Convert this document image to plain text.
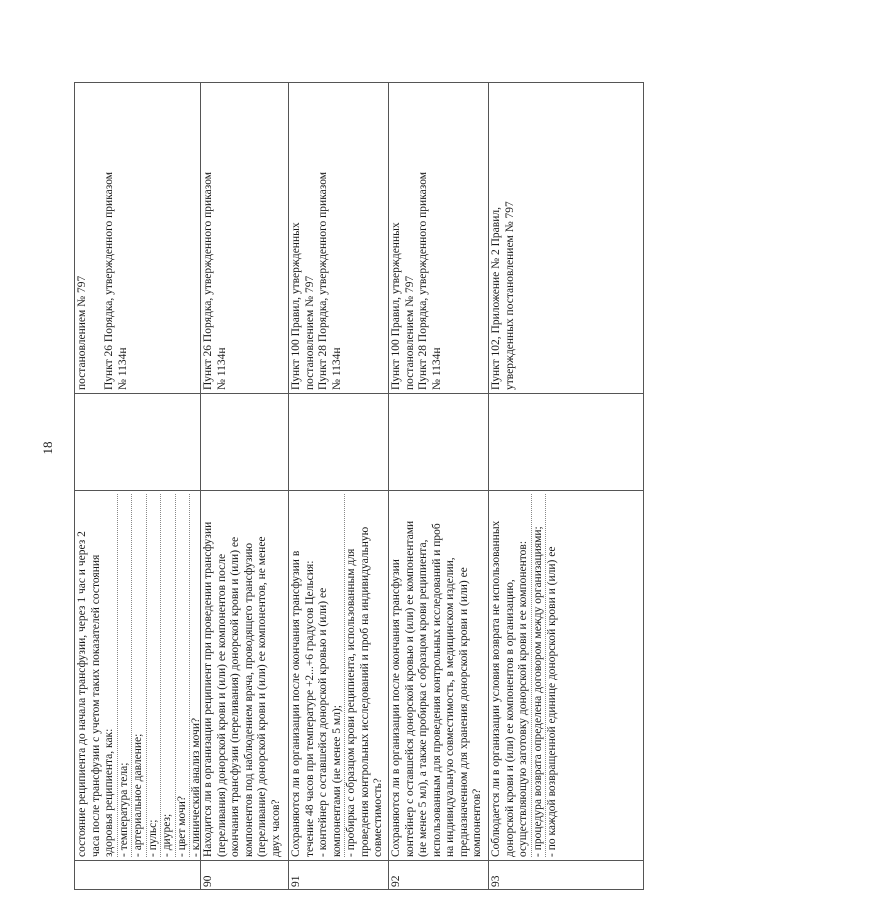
18
состояние реципиента до начала трансфузии, через 1 час и через 2 часа после трансфузии с учетом таких показателей состояния здоровья реципиента, как: - температура тела; - артериальное давление; - пульс; - диурез; - цвет мочи? - клинический анализ мочи?
постановлением № 797
Пункт 26 Порядка, утвержденного приказом № 1134н
90
Находится ли в организации реципиент при проведении трансфузии (переливания) донорской крови и (или) ее компонентов после окончания трансфузии (переливания) донорской крови и (или) ее компонентов под наблюдением врача, проводящего трансфузию (переливание) донорской крови и (или) ее компонентов, не менее двух часов?
Пункт 26 Порядка, утвержденного приказом № 1134н
91
Сохраняются ли в организации после окончания трансфузии в течение 48 часов при температуре +2...+6 градусов Цельсия: - контейнер с оставшейся донорской кровью и (или) ее компонентами (не менее 5 мл); - пробирка с образцом крови реципиента, использованным для проведения контрольных исследований и проб на индивидуальную совместимость?
Пункт 100 Правил, утвержденных постановлением № 797 Пункт 28 Порядка, утвержденного приказом № 1134н
92
Сохраняются ли в организации после окончания трансфузии контейнер с оставшейся донорской кровью и (или) ее компонентами (не менее 5 мл), а также пробирка с образцом крови реципиента, использованным для проведения контрольных исследований и проб на индивидуальную совместимость, в медицинском изделии, предназначенном для хранения донорской крови и (или) ее компонентов?
Пункт 100 Правил, утвержденных постановлением № 797 Пункт 28 Порядка, утвержденного приказом № 1134н
93
Соблюдается ли в организации условия возврата не использованных донорской крови и (или) ее компонентов в организацию, осуществляющую заготовку донорской крови и ее компонентов: - процедура возврата определена договором между организациями; - по каждой возвращенной единице донорской крови и (или) ее
Пункт 102, Приложение № 2 Правил, утвержденных постановлением № 797
